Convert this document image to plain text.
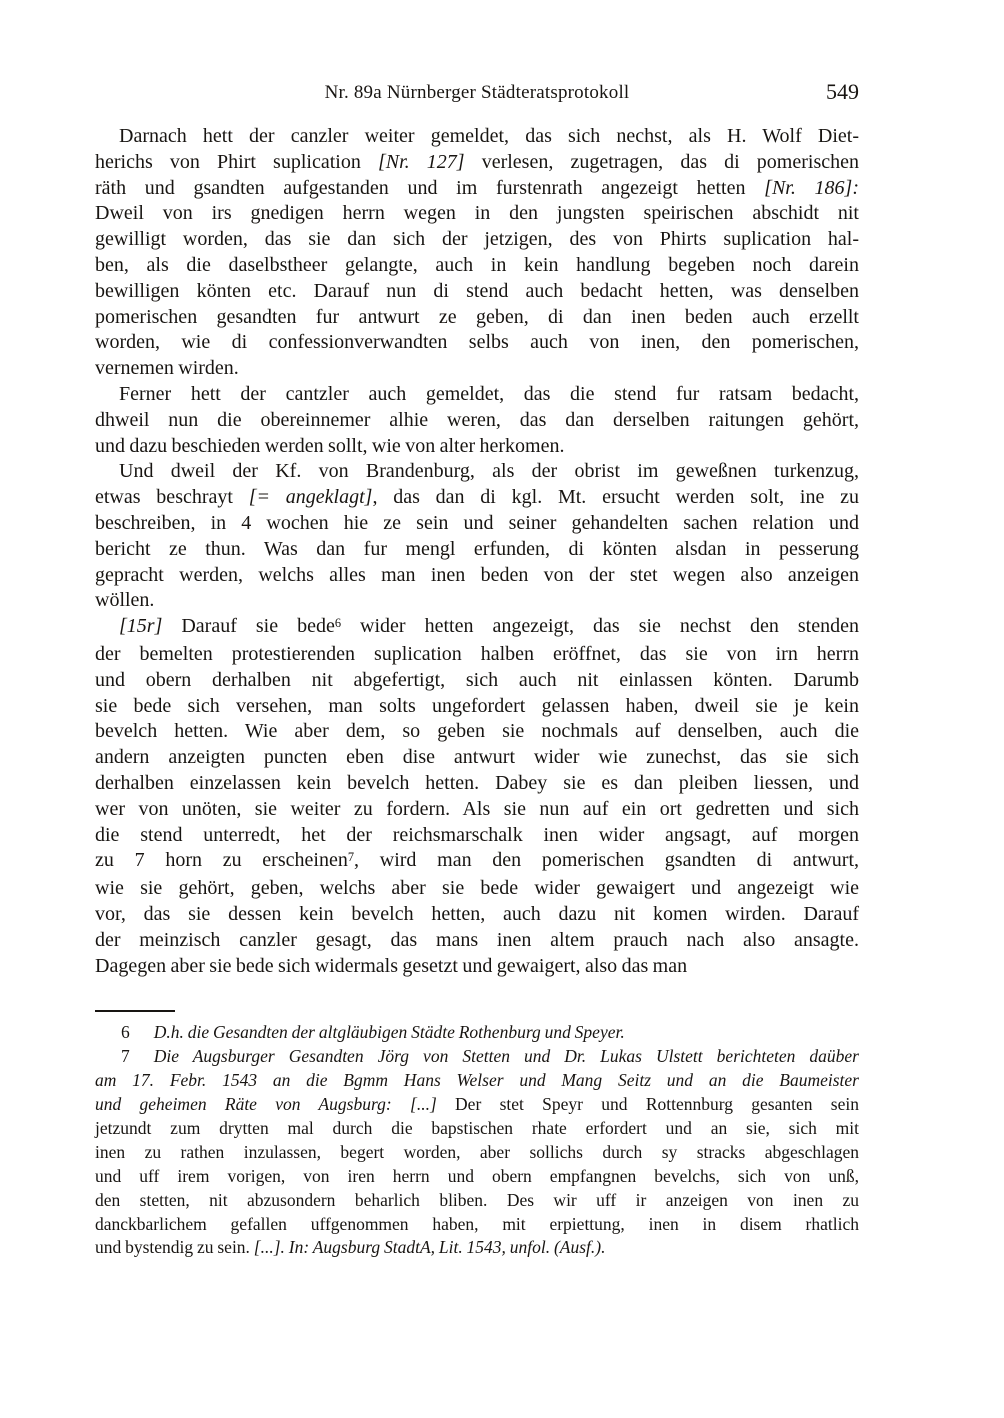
Nr. 89a Nürnberger Städteratsprotokoll	549
Darnach hett der canzler weiter gemeldet, das sich nechst, als H. Wolf Diet-
herichs von Phirt suplication [Nr. 127] verlesen, zugetragen, das di pomerischen
räth und gsandten aufgestanden und im furstenrath angezeigt hetten [Nr. 186]:
Dweil von irs gnedigen herrn wegen in den jungsten speirischen abschidt nit
gewilligt worden, das sie dan sich der jetzigen, des von Phirts suplication hal-
ben, als die daselbstheer gelangte, auch in kein handlung begeben noch darein
bewilligen könten etc. Darauf nun di stend auch bedacht hetten, was denselben
pomerischen gesandten fur antwurt ze geben, di dan inen beden auch erzellt
worden, wie di confessionverwandten selbs auch von inen, den pomerischen,
vernemen wirden.
Ferner hett der cantzler auch gemeldet, das die stend fur ratsam bedacht,
dhweil nun die obereinnemer alhie weren, das dan derselben raitungen gehört,
und dazu beschieden werden sollt, wie von alter herkomen.
Und dweil der Kf. von Brandenburg, als der obrist im geweßnen turkenzug,
etwas beschrayt [= angeklagt], das dan di kgl. Mt. ersucht werden solt, ine zu
beschreiben, in 4 wochen hie ze sein und seiner gehandelten sachen relation und
bericht ze thun. Was dan fur mengl erfunden, di könten alsdan in pesserung
gepracht werden, welchs alles man inen beden von der stet wegen also anzeigen
wöllen.
[15r] Darauf sie bede$^6$ wider hetten angezeigt, das sie nechst den stenden
der bemelten protestierenden suplication halben eröffnet, das sie von irn herrn
und obern derhalben nit abgefertigt, sich auch nit einlassen könten. Darumb
sie bede sich versehen, man solts ungefordert gelassen haben, dweil sie je kein
bevelch hetten. Wie aber dem, so geben sie nochmals auf denselben, auch die
andern anzeigten puncten eben dise antwurt wider wie zunechst, das sie sich
derhalben einzelassen kein bevelch hetten. Dabey sie es dan pleiben liessen, und
wer von unöten, sie weiter zu fordern. Als sie nun auf ein ort gedretten und sich
die stend unterredt, het der reichsmarschalk inen wider angsagt, auf morgen
zu 7 horn zu erscheinen$^7$, wird man den pomerischen gsandten di antwurt,
wie sie gehört, geben, welchs aber sie bede wider gewaigert und angezeigt wie
vor, das sie dessen kein bevelch hetten, auch dazu nit komen wirden. Darauf
der meinzisch canzler gesagt, das mans inen altem prauch nach also ansagte.
Dagegen aber sie bede sich widermals gesetzt und gewaigert, also das man
6 D.h. die Gesandten der altgläubigen Städte Rothenburg und Speyer.
7 Die Augsburger Gesandten Jörg von Stetten und Dr. Lukas Ulstett berichteten daüber
am 17. Febr. 1543 an die Bgmm Hans Welser und Mang Seitz und an die Baumeister
und geheimen Räte von Augsburg: [...] Der stet Speyr und Rottennburg gesanten sein
jetzundt zum drytten mal durch die bapstischen rhate erfordert und an sie, sich mit
inen zu rathen inzulassen, begert worden, aber sollichs durch sy stracks abgeschlagen
und uff irem vorigen, von iren herrn und obern empfangnen bevelchs, sich von unß,
den stetten, nit abzusondern beharlich bliben. Des wir uff ir anzeigen von inen zu
danckbarlichem gefallen uffgenommen haben, mit erpiettung, inen in disem rhatlich
und bystendig zu sein. [...]. In: Augsburg StadtA, Lit. 1543, unfol. (Ausf.).
